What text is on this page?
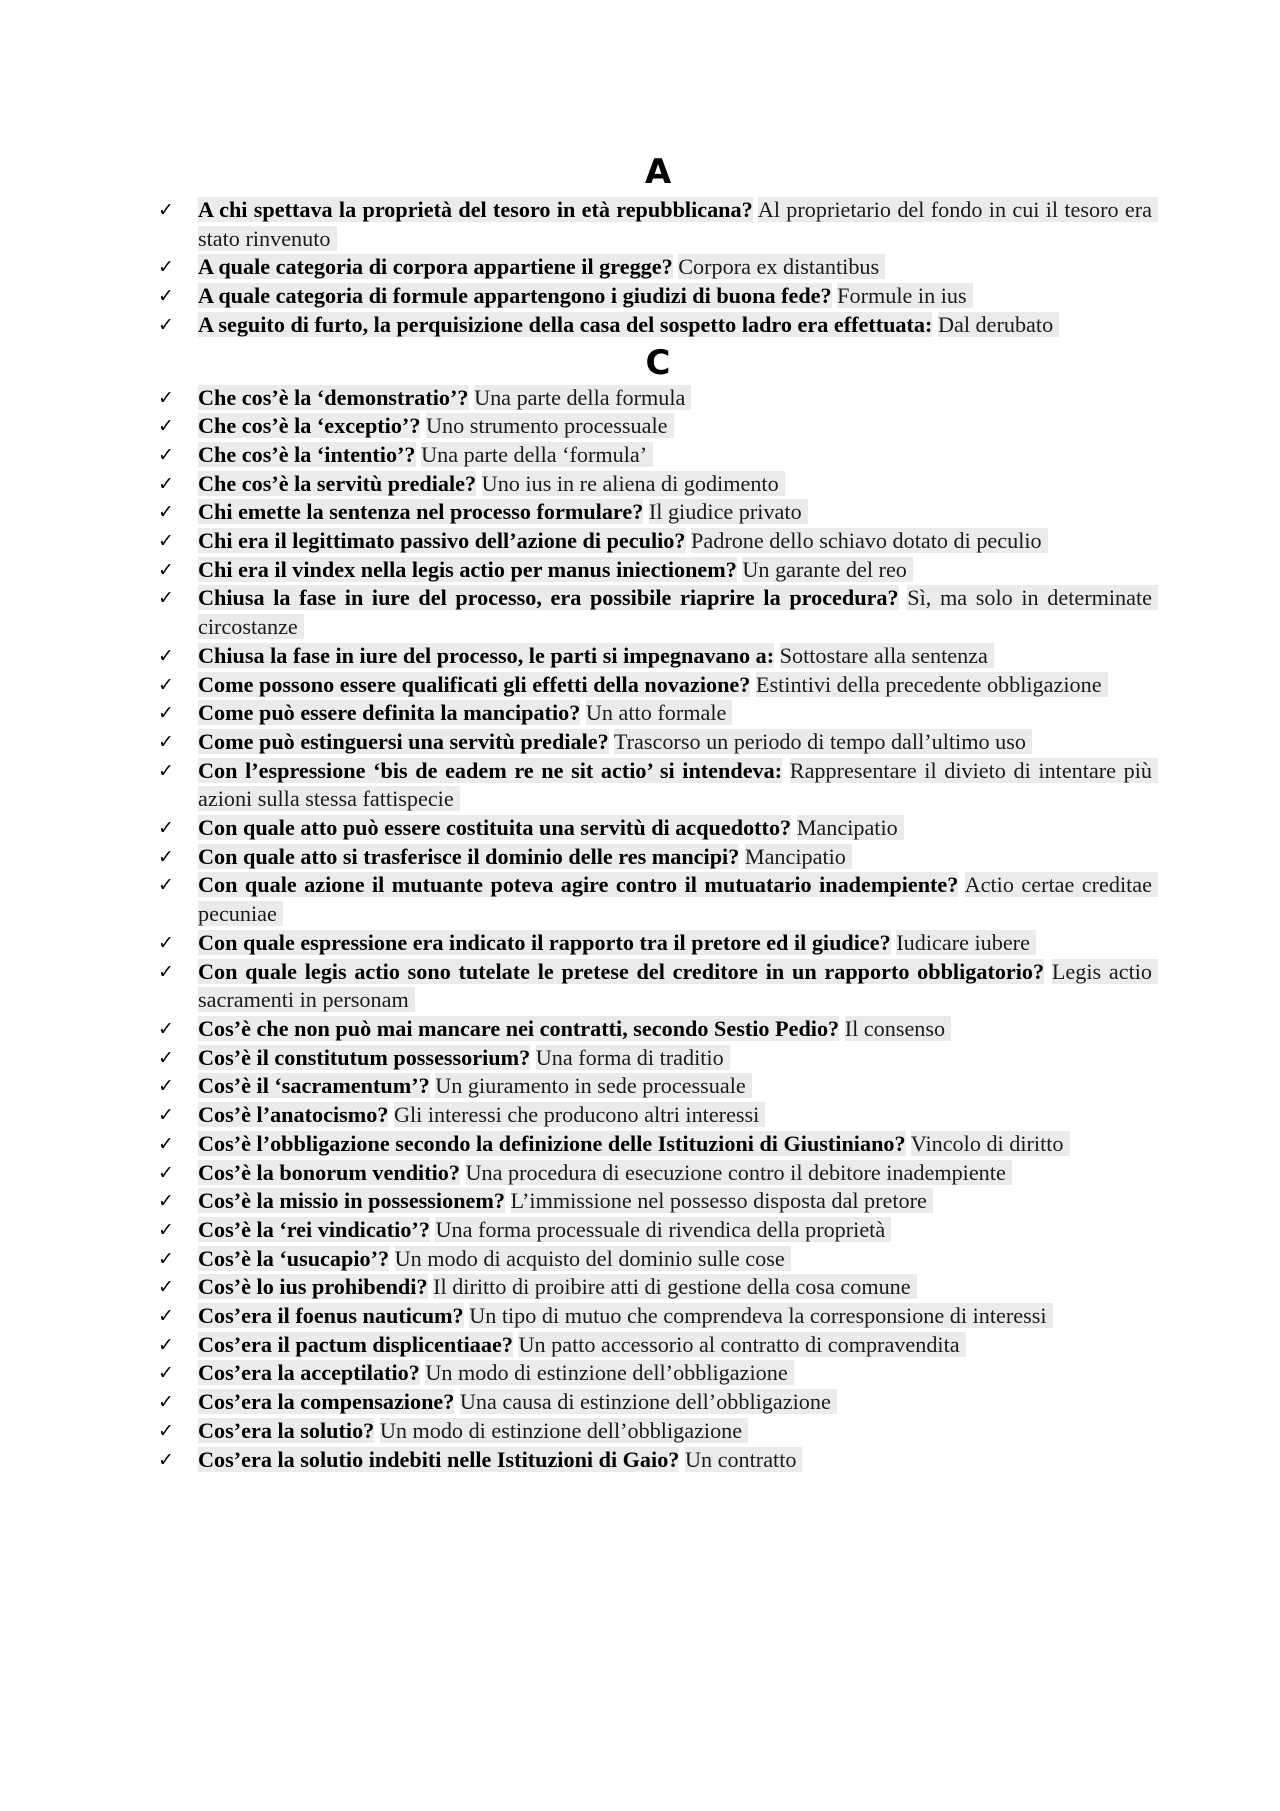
A
✓	A chi spettava la proprietà del tesoro in età repubblicana? Al proprietario del fondo in cui il tesoro era stato rinvenuto
✓	A quale categoria di corpora appartiene il gregge? Corpora ex distantibus
✓	A quale categoria di formule appartengono i giudizi di buona fede? Formule in ius
✓	A seguito di furto, la perquisizione della casa del sospetto ladro era effettuata: Dal derubato
C
✓	Che cos’è la ‘demonstratio’? Una parte della formula
✓	Che cos’è la ‘exceptio’? Uno strumento processuale
✓	Che cos’è la ‘intentio’? Una parte della ‘formula’
✓	Che cos’è la servitù prediale? Uno ius in re aliena di godimento
✓	Chi emette la sentenza nel processo formulare? Il giudice privato
✓	Chi era il legittimato passivo dell’azione di peculio? Padrone dello schiavo dotato di peculio
✓	Chi era il vindex nella legis actio per manus iniectionem? Un garante del reo
✓	Chiusa la fase in iure del processo, era possibile riaprire la procedura? Sì, ma solo in determinate circostanze
✓	Chiusa la fase in iure del processo, le parti si impegnavano a: Sottostare alla sentenza
✓	Come possono essere qualificati gli effetti della novazione? Estintivi della precedente obbligazione
✓	Come può essere definita la mancipatio? Un atto formale
✓	Come può estinguersi una servitù prediale? Trascorso un periodo di tempo dall’ultimo uso
✓	Con l’espressione ‘bis de eadem re ne sit actio’ si intendeva: Rappresentare il divieto di intentare più azioni sulla stessa fattispecie
✓	Con quale atto può essere costituita una servitù di acquedotto? Mancipatio
✓	Con quale atto si trasferisce il dominio delle res mancipi? Mancipatio
✓	Con quale azione il mutuante poteva agire contro il mutuatario inadempiente? Actio certae creditae pecuniae
✓	Con quale espressione era indicato il rapporto tra il pretore ed il giudice? Iudicare iubere
✓	Con quale legis actio sono tutelate le pretese del creditore in un rapporto obbligatorio? Legis actio sacramenti in personam
✓	Cos’è che non può mai mancare nei contratti, secondo Sestio Pedio? Il consenso
✓	Cos’è il constitutum possessorium? Una forma di traditio
✓	Cos’è il ‘sacramentum’? Un giuramento in sede processuale
✓	Cos’è l’anatocismo? Gli interessi che producono altri interessi
✓	Cos’è l’obbligazione secondo la definizione delle Istituzioni di Giustiniano? Vincolo di diritto
✓	Cos’è la bonorum venditio? Una procedura di esecuzione contro il debitore inadempiente
✓	Cos’è la missio in possessionem? L’immissione nel possesso disposta dal pretore
✓	Cos’è la ‘rei vindicatio’? Una forma processuale di rivendica della proprietà
✓	Cos’è la ‘usucapio’? Un modo di acquisto del dominio sulle cose
✓	Cos’è lo ius prohibendi? Il diritto di proibire atti di gestione della cosa comune
✓	Cos’era il foenus nauticum? Un tipo di mutuo che comprendeva la corresponsione di interessi
✓	Cos’era il pactum displicentiaae? Un patto accessorio al contratto di compravendita
✓	Cos’era la acceptilatio? Un modo di estinzione dell’obbligazione
✓	Cos’era la compensazione? Una causa di estinzione dell’obbligazione
✓	Cos’era la solutio? Un modo di estinzione dell’obbligazione
✓	Cos’era la solutio indebiti nelle Istituzioni di Gaio? Un contratto
